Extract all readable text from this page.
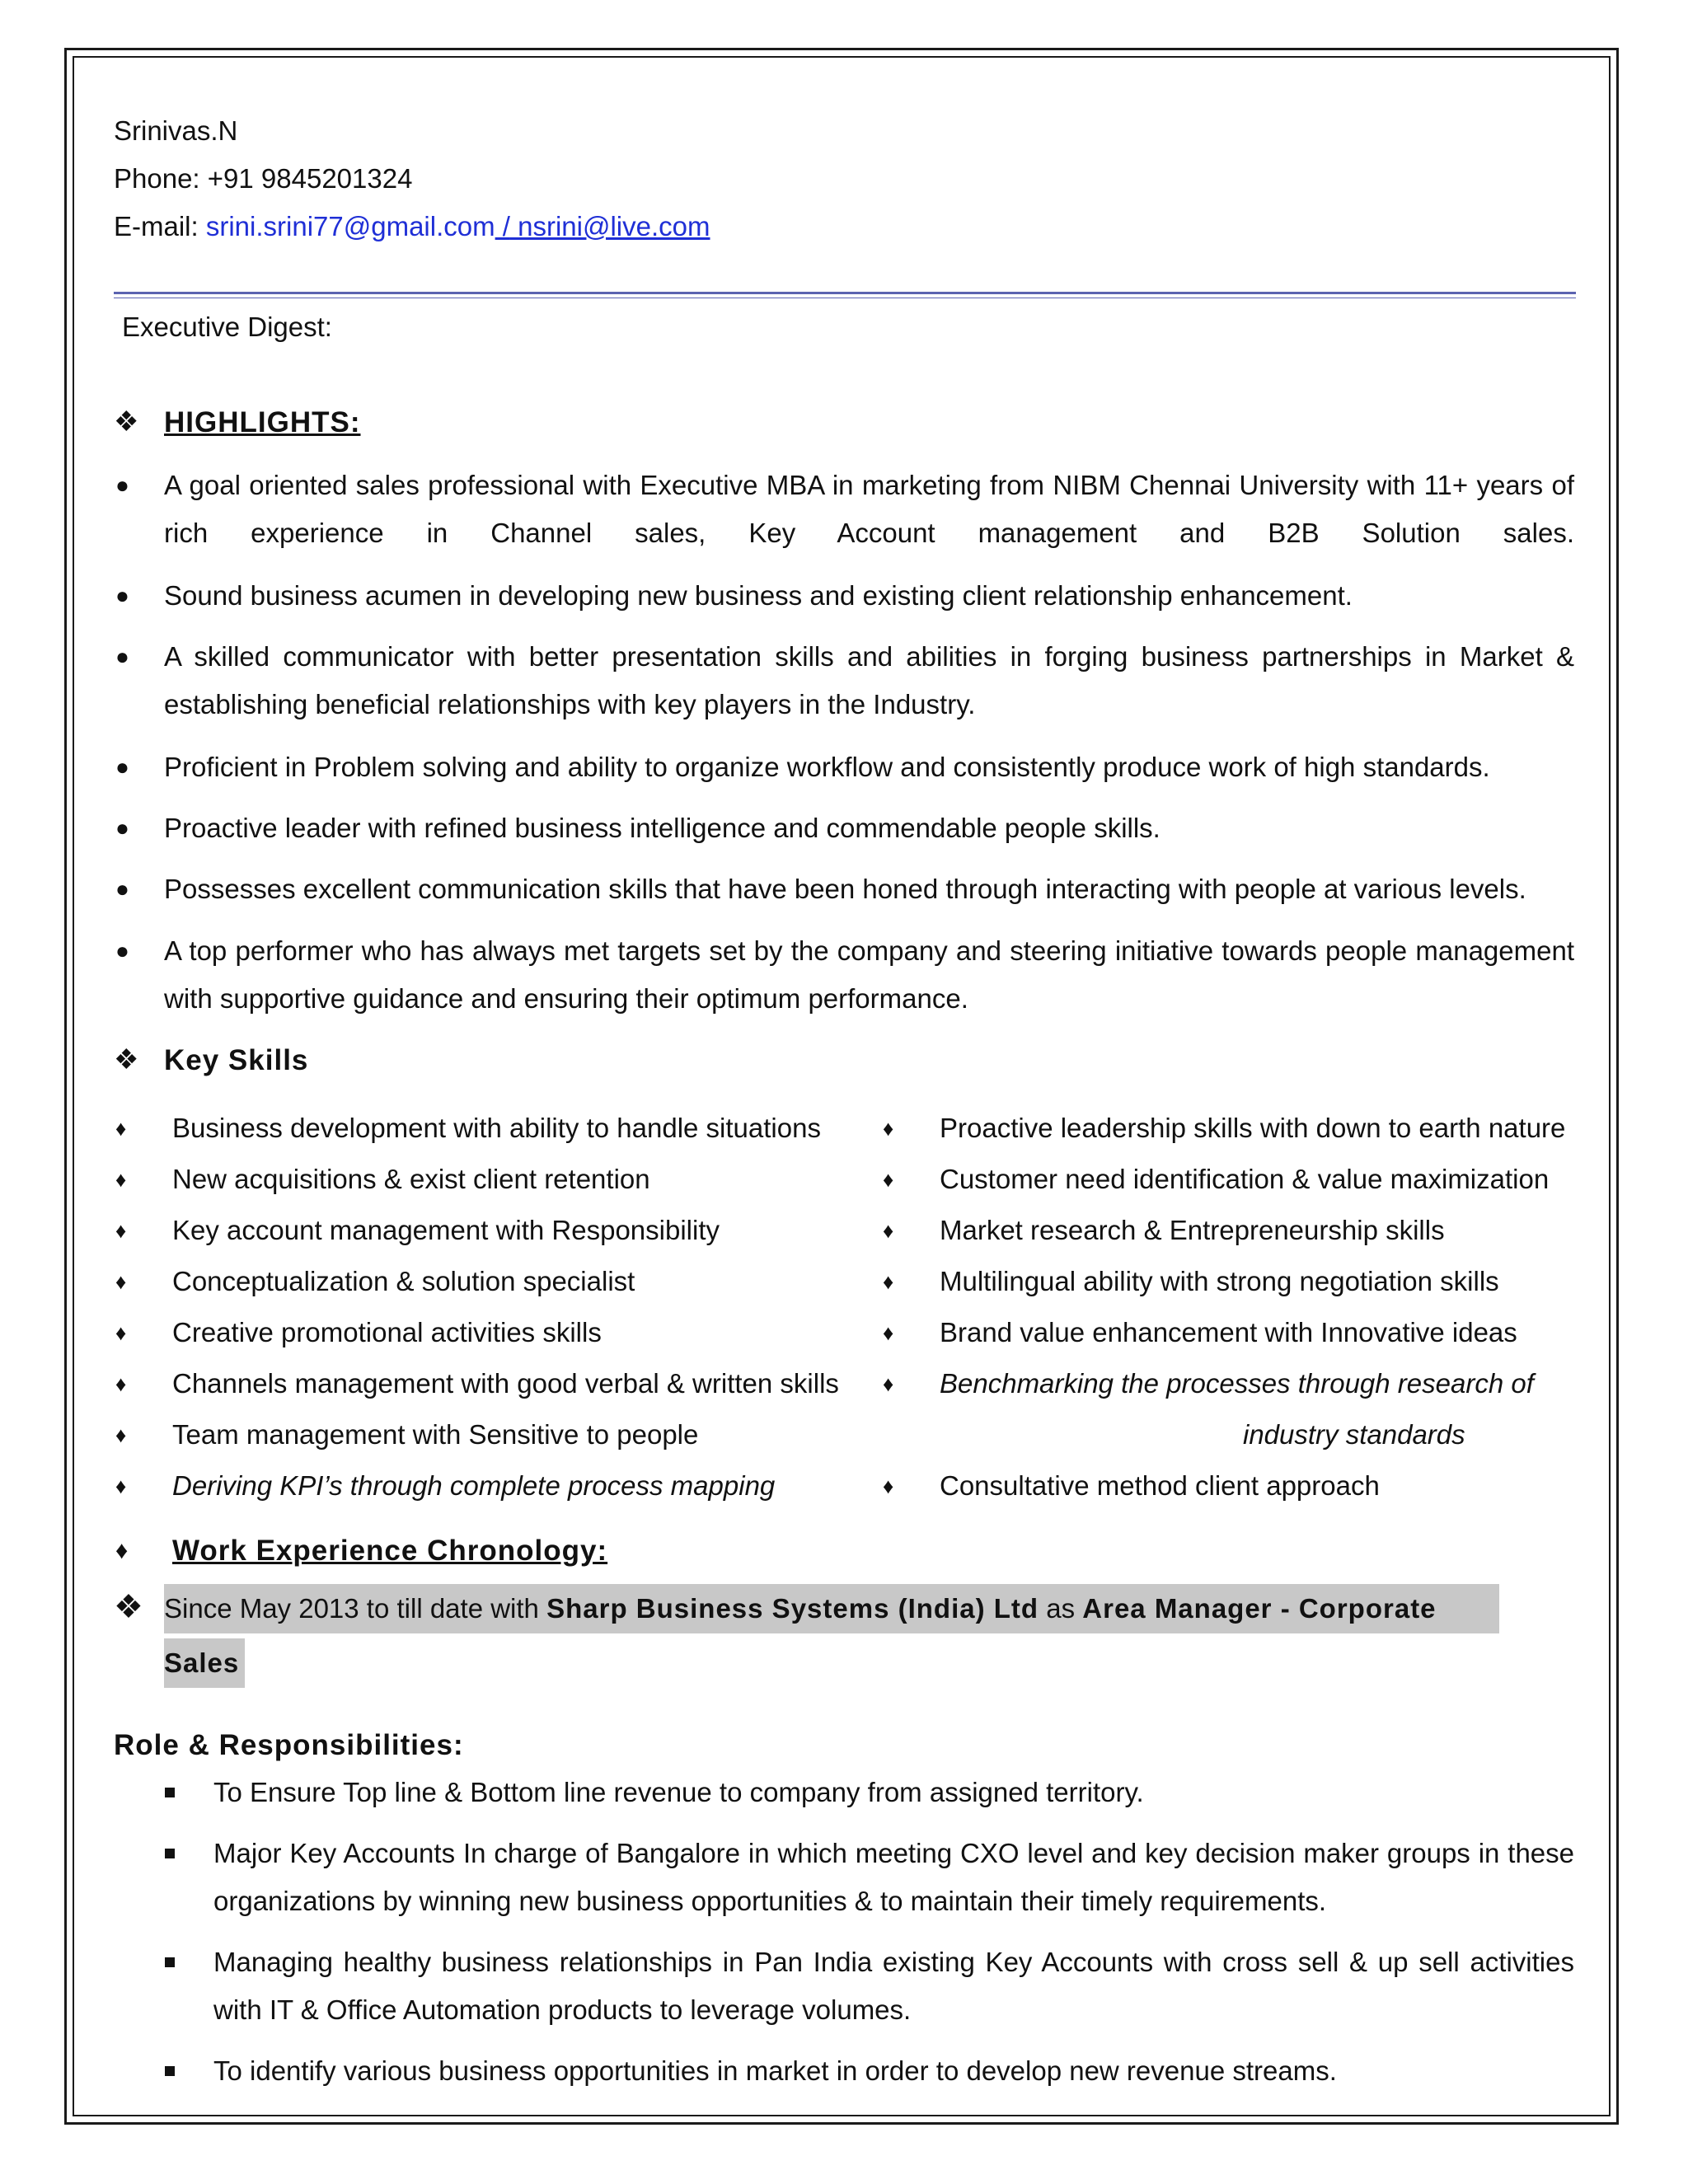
Srinivas.N
Phone: +91 9845201324
E-mail: srini.srini77@gmail.com / nsrini@live.com
Executive Digest:
❖ HIGHLIGHTS:
● A goal oriented sales professional with Executive MBA in marketing from NIBM Chennai University with 11+ years of rich experience in Channel sales, Key Account management and B2B Solution sales.
● Sound business acumen in developing new business and existing client relationship enhancement.
● A skilled communicator with better presentation skills and abilities in forging business partnerships in Market & establishing beneficial relationships with key players in the Industry.
● Proficient in Problem solving and ability to organize workflow and consistently produce work of high standards.
● Proactive leader with refined business intelligence and commendable people skills.
● Possesses excellent communication skills that have been honed through interacting with people at various levels.
● A top performer who has always met targets set by the company and steering initiative towards people management with supportive guidance and ensuring their optimum performance.
❖ Key Skills
♦ Business development with ability to handle situations
♦ New acquisitions & exist client retention
♦ Key account management with Responsibility
♦ Conceptualization & solution specialist
♦ Creative promotional activities skills
♦ Channels management with good verbal & written skills
♦ Team management with Sensitive to people
♦ Deriving KPI’s through complete process mapping
♦ Proactive leadership skills with down to earth nature
♦ Customer need identification & value maximization
♦ Market research & Entrepreneurship skills
♦ Multilingual ability with strong negotiation skills
♦ Brand value enhancement with Innovative ideas
♦ Benchmarking the processes through research of
industry standards
♦ Consultative method client approach
♦ Work Experience Chronology:
❖ Since May 2013 to till date with Sharp Business Systems (India) Ltd as Area Manager - Corporate
Sales
Role & Responsibilities:
To Ensure Top line & Bottom line revenue to company from assigned territory.
Major Key Accounts In charge of Bangalore in which meeting CXO level and key decision maker groups in these organizations by winning new business opportunities & to maintain their timely requirements.
Managing healthy business relationships in Pan India existing Key Accounts with cross sell & up sell activities with IT & Office Automation products to leverage volumes.
To identify various business opportunities in market in order to develop new revenue streams.
